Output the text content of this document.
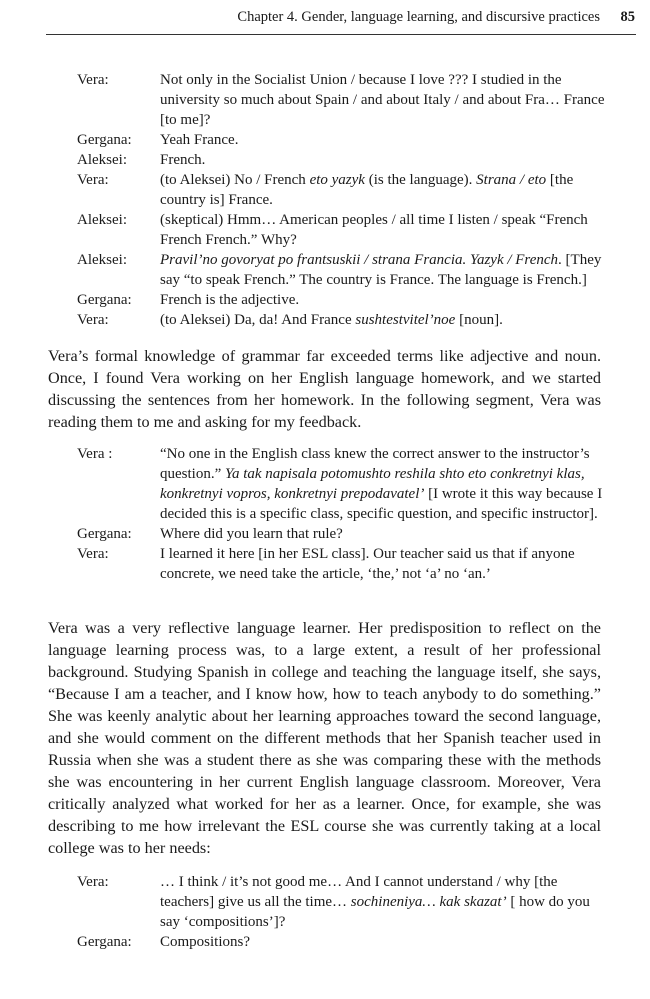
Chapter 4. Gender, language learning, and discursive practices 85
Vera:	Not only in the Socialist Union / because I love ??? I studied in the university so much about Spain / and about Italy / and about Fra… France [to me]?
Gergana:	Yeah France.
Aleksei:	French.
Vera:	(to Aleksei) No / French eto yazyk (is the language). Strana / eto [the country is] France.
Aleksei:	(skeptical) Hmm… American peoples / all time I listen / speak “French French French.” Why?
Aleksei:	Pravil’no govoryat po frantsuskii / strana Francia. Yazyk / French. [They say “to speak French.” The country is France. The language is French.]
Gergana:	French is the adjective.
Vera:	(to Aleksei) Da, da! And France sushtestvitel’noe [noun].

Vera’s formal knowledge of grammar far exceeded terms like adjective and noun. Once, I found Vera working on her English language homework, and we started discussing the sentences from her homework. In the following segment, Vera was reading them to me and asking for my feedback.

Vera :	“No one in the English class knew the correct answer to the instructor’s question.” Ya tak napisala potomushto reshila shto eto conkretnyi klas, konkretnyi vopros, konkretnyi prepodavatel’ [I wrote it this way because I decided this is a specific class, specific question, and specific instructor].
Gergana:	Where did you learn that rule?
Vera:	I learned it here [in her ESL class]. Our teacher said us that if anyone concrete, we need take the article, ‘the,’ not ‘a’ no ‘an.’

Vera was a very reflective language learner. Her predisposition to reflect on the language learning process was, to a large extent, a result of her professional background. Studying Spanish in college and teaching the language itself, she says, “Because I am a teacher, and I know how, how to teach anybody to do something.” She was keenly analytic about her learning approaches toward the second language, and she would comment on the different methods that her Spanish teacher used in Russia when she was a student there as she was comparing these with the methods she was encountering in her current English language classroom. Moreover, Vera critically analyzed what worked for her as a learner. Once, for example, she was describing to me how irrelevant the ESL course she was currently taking at a local college was to her needs:

Vera:	… I think / it’s not good me… And I cannot understand / why [the teachers] give us all the time… sochineniya… kak skazat’ [ how do you say ‘compositions’]?
Gergana:	Compositions?
